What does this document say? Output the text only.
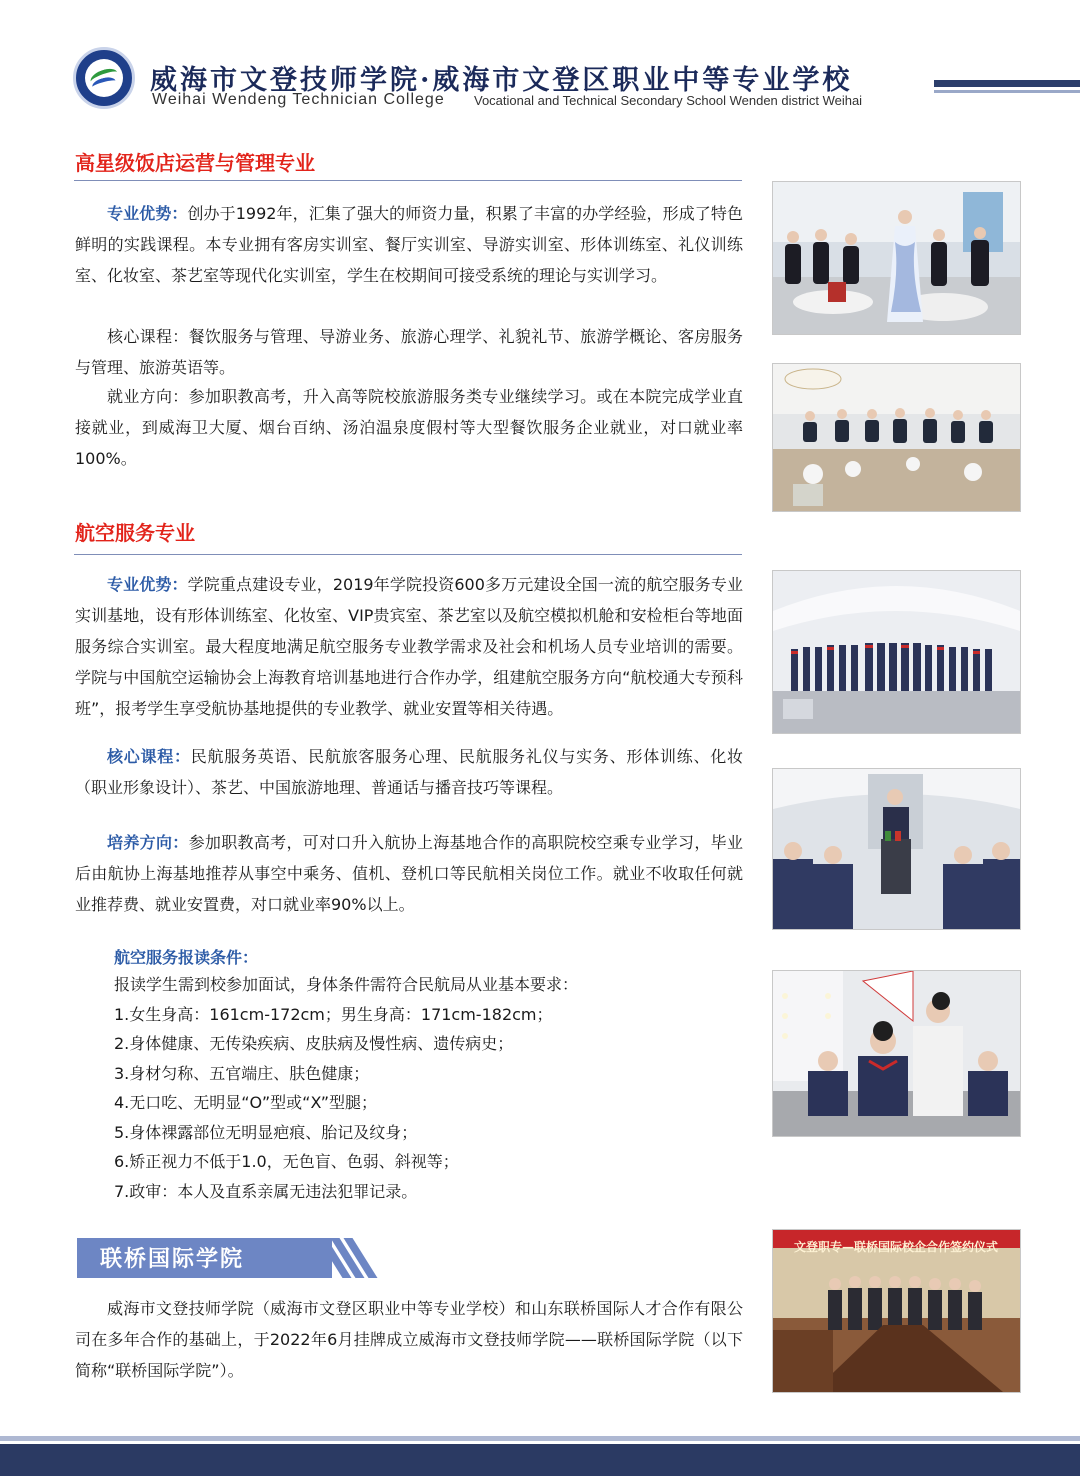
威海市文登技师学院·威海市文登区职业中等专业学校
Weihai Wendeng Technician College Vocational and Technical Secondary School Wenden district Weihai
高星级饭店运营与管理专业
专业优势：创办于1992年，汇集了强大的师资力量，积累了丰富的办学经验，形成了特色鲜明的实践课程。本专业拥有客房实训室、餐厅实训室、导游实训室、形体训练室、礼仪训练室、化妆室、茶艺室等现代化实训室，学生在校期间可接受系统的理论与实训学习。
核心课程：餐饮服务与管理、导游业务、旅游心理学、礼貌礼节、旅游学概论、客房服务与管理、旅游英语等。
就业方向：参加职教高考，升入高等院校旅游服务类专业继续学习。或在本院完成学业直接就业，到威海卫大厦、烟台百纳、汤泊温泉度假村等大型餐饮服务企业就业，对口就业率100%。
航空服务专业
专业优势：学院重点建设专业，2019年学院投资600多万元建设全国一流的航空服务专业实训基地，设有形体训练室、化妆室、VIP贵宾室、茶艺室以及航空模拟机舱和安检柜台等地面服务综合实训室。最大程度地满足航空服务专业教学需求及社会和机场人员专业培训的需要。学院与中国航空运输协会上海教育培训基地进行合作办学，组建航空服务方向“航校通大专预科班”，报考学生享受航协基地提供的专业教学、就业安置等相关待遇。
核心课程：民航服务英语、民航旅客服务心理、民航服务礼仪与实务、形体训练、化妆（职业形象设计）、茶艺、中国旅游地理、普通话与播音技巧等课程。
培养方向：参加职教高考，可对口升入航协上海基地合作的高职院校空乘专业学习，毕业后由航协上海基地推荐从事空中乘务、值机、登机口等民航相关岗位工作。就业不收取任何就业推荐费、就业安置费，对口就业率90%以上。
航空服务报读条件：
报读学生需到校参加面试，身体条件需符合民航局从业基本要求：
1.女生身高：161cm-172cm；男生身高：171cm-182cm；
2.身体健康、无传染疾病、皮肤病及慢性病、遗传病史；
3.身材匀称、五官端庄、肤色健康；
4.无口吃、无明显“O”型或“X”型腿；
5.身体裸露部位无明显疤痕、胎记及纹身；
6.矫正视力不低于1.0，无色盲、色弱、斜视等；
7.政审：本人及直系亲属无违法犯罪记录。
联桥国际学院
威海市文登技师学院（威海市文登区职业中等专业学校）和山东联桥国际人才合作有限公司在多年合作的基础上，于2022年6月挂牌成立威海市文登技师学院——联桥国际学院（以下简称“联桥国际学院”）。
文登职专—联桥国际校企合作签约仪式
